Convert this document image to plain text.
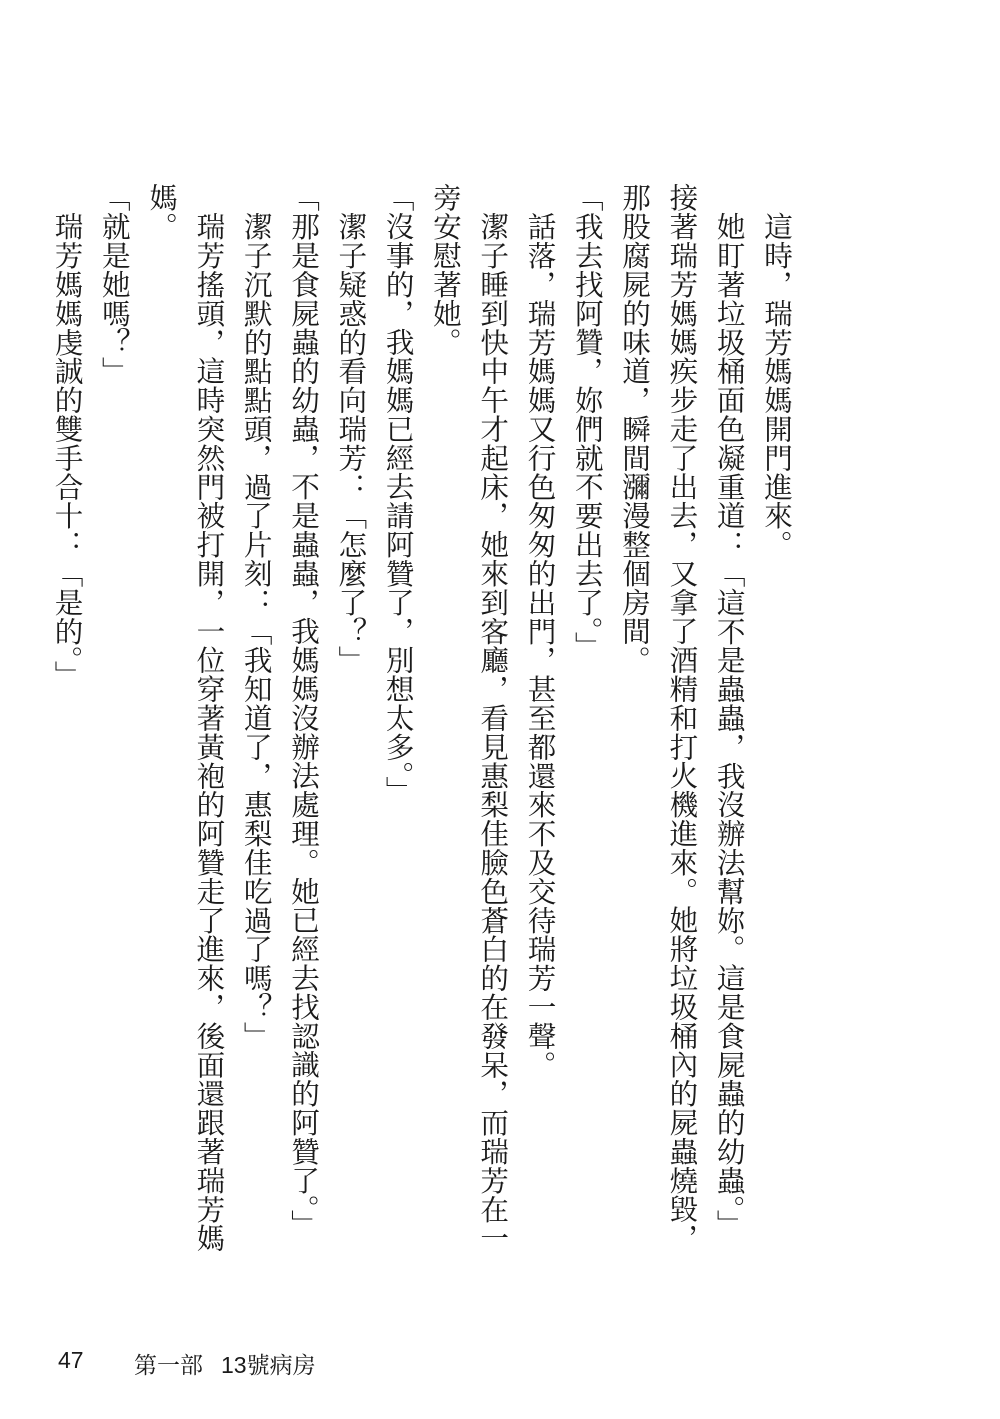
這時，瑞芳媽媽開門進來。

她盯著垃圾桶面色凝重道：「這不是蟲蟲，我沒辦法幫妳。這是食屍蟲的幼蟲。」接著瑞芳媽媽疾步走了出去，又拿了酒精和打火機進來。她將垃圾桶內的屍蟲燒毀，那股腐屍的味道，瞬間瀰漫整個房間。

「我去找阿贊，妳們就不要出去了。」

話落，瑞芳媽媽又行色匆匆的出門，甚至都還來不及交待瑞芳一聲。

潔子睡到快中午才起床，她來到客廳，看見惠梨佳臉色蒼白的在發呆，而瑞芳在一旁安慰著她。

「沒事的，我媽媽已經去請阿贊了，別想太多。」

潔子疑惑的看向瑞芳：「怎麼了？」

「那是食屍蟲的幼蟲，不是蟲蟲，我媽媽沒辦法處理。她已經去找認識的阿贊了。」

潔子沉默的點點頭，過了片刻：「我知道了，惠梨佳吃過了嗎？」

瑞芳搖頭，這時突然門被打開，一位穿著黃袍的阿贊走了進來，後面還跟著瑞芳媽媽。

「就是她嗎？」

瑞芳媽媽虔誠的雙手合十：「是的。」

47 第一部 13號病房
